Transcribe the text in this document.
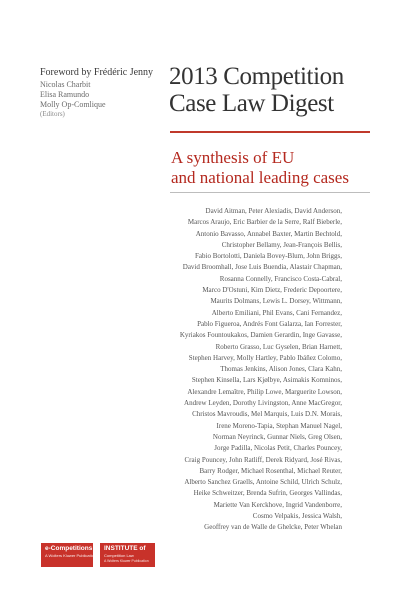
Foreword by Frédéric Jenny
Nicolas Charbit
Elisa Ramundo
Molly Op-Comlique
(Editors)
2013 Competition
Case Law Digest
A synthesis of EU
and national leading cases
David Aitman, Peter Alexiadis, David Anderson,
Marcos Araujo, Eric Barbier de la Serre, Ralf Bieberle,
Antonio Bavasso, Annabel Baxter, Martin Bechtold,
Christopher Bellamy, Jean-François Bellis,
Fabio Bortolotti, Daniela Bovey-Blum, John Briggs,
David Broomhall, Jose Luis Buendia, Alastair Chapman,
Rosanna Connelly, Francisco Costa-Cabral,
Marco D'Ostuni, Kim Dietz, Frederic Depoortere,
Maurits Dolmans, Lewis L. Dorsey, Wittmann,
Alberto Emiliani, Phil Evans, Cani Fernandez,
Pablo Figueroa, Andrés Font Galarza, Ian Forrester,
Kyriakos Fountoukakos, Damien Gerardin, Inge Gavasse,
Roberto Grasso, Luc Gyselen, Brian Harnett,
Stephen Harvey, Molly Hartley, Pablo Ibáñez Colomo,
Thomas Jenkins, Alison Jones, Clara Kahn,
Stephen Kinsella, Lars Kjølbye, Asimakis Komninos,
Alexandre Lemaître, Philip Lowe, Marguerite Lowson,
Andrew Leyden, Dorothy Livingston, Anne MacGregor,
Christos Mavroudis, Mel Marquis, Luis D.N. Morais,
Irene Moreno-Tapia, Stephan Manuel Nagel,
Norman Neyrinck, Gunnar Niels, Greg Olsen,
Jorge Padilla, Nicolas Petit, Charles Pouncey,
Craig Pouncey, John Ratliff, Derek Ridyard, José Rivas,
Barry Rodger, Michael Rosenthal, Michael Reuter,
Alberto Sanchez Graells, Antoine Schild, Ulrich Schulz,
Heike Schweitzer, Brenda Sufrin, Georges Vallindas,
Mariette Van Kerckhove, Ingrid Vandenborre,
Cosmo Velpakis, Jessica Walsh,
Geoffrey van de Walle de Ghelcke, Peter Whelan
e-Competitions
A Wolters Kluwer Publication
INSTITUTE of
Competition Law
A Wolters Kluwer Publication
